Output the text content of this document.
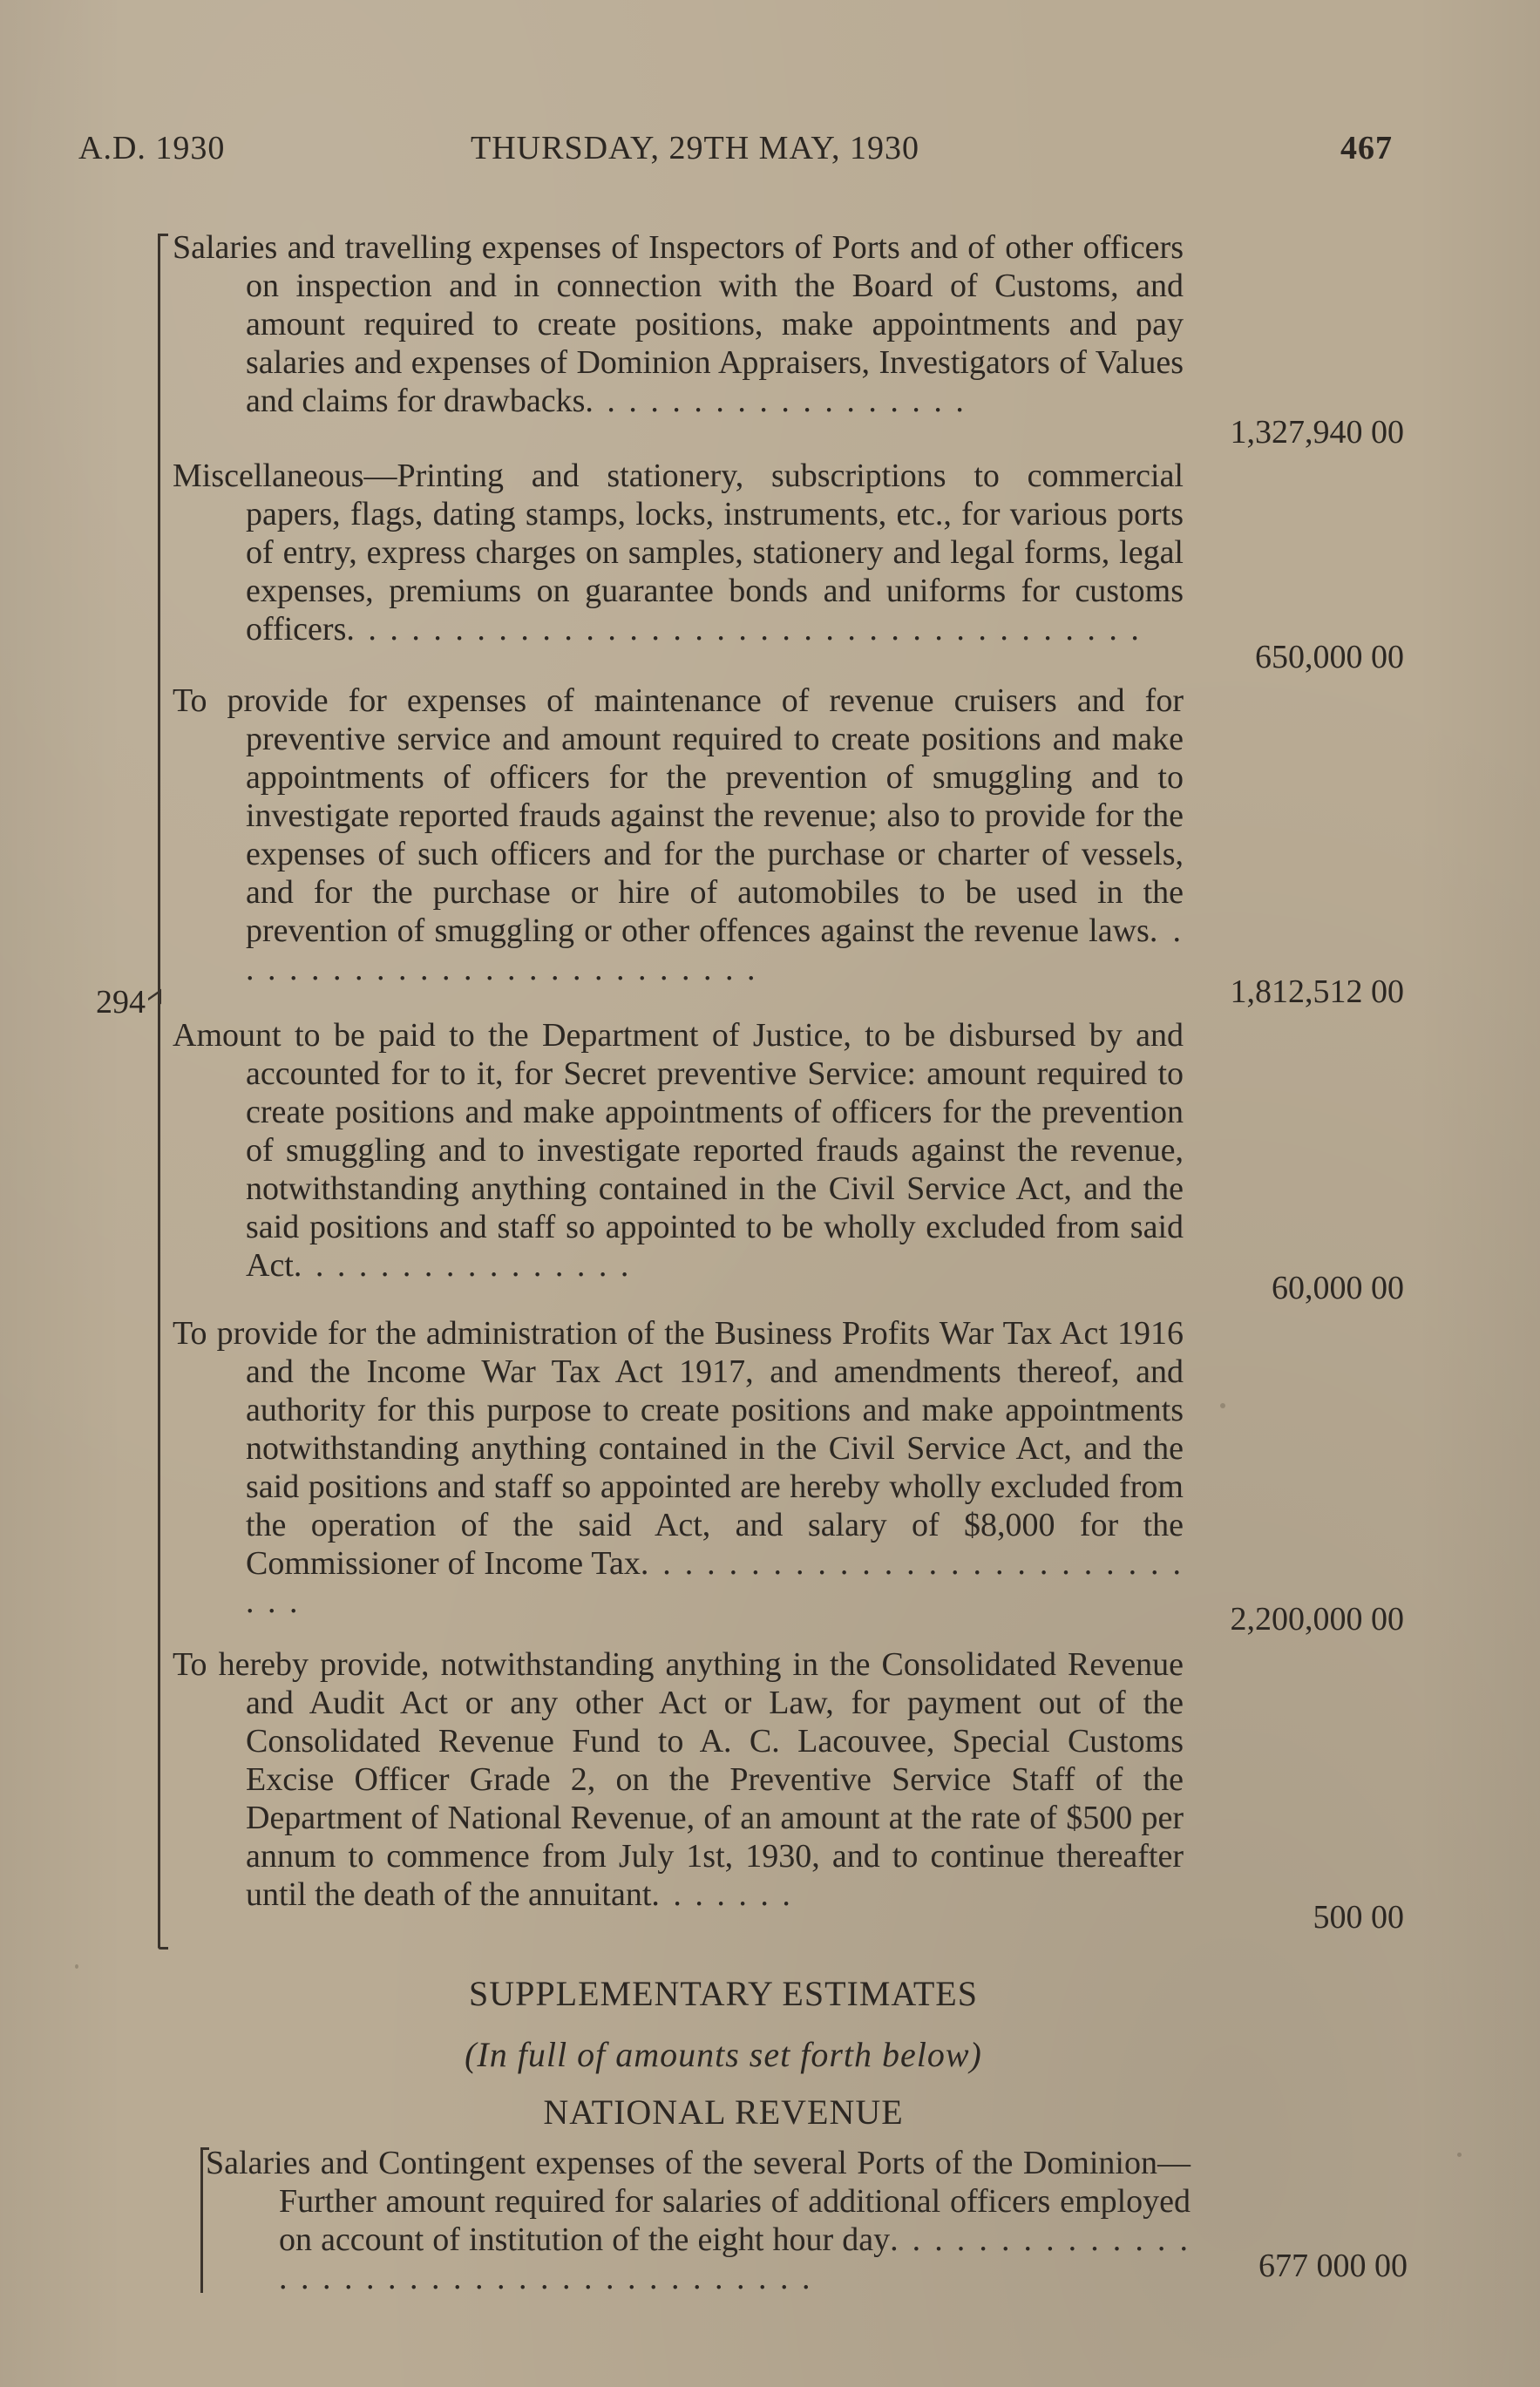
A.D. 1930	THURSDAY, 29TH MAY, 1930	467
294
Salaries and travelling expenses of Inspectors of Ports and of other officers on inspection and in connection with the Board of Customs, and amount required to create positions, make appointments and pay salaries and expenses of Dominion Appraisers, Investigators of Values and claims for drawbacks. . . . . . . . . . . . . . . . . .
1,327,940 00
Miscellaneous—Printing and stationery, subscriptions to commercial papers, flags, dating stamps, locks, instruments, etc., for various ports of entry, express charges on samples, stationery and legal forms, legal expenses, premiums on guarantee bonds and uniforms for customs officers. . . . . . . . . . . . . . . . . . . . . . . . . . . . . . . . . . . . .
650,000 00
To provide for expenses of maintenance of revenue cruisers and for preventive service and amount required to create positions and make appointments of officers for the prevention of smuggling and to investigate reported frauds against the revenue; also to provide for the expenses of such officers and for the purchase or charter of vessels, and for the purchase or hire of automobiles to be used in the prevention of smuggling or other offences against the revenue laws. . . . . . . . . . . . . . . . . . . . . . . . . .
1,812,512 00
Amount to be paid to the Department of Justice, to be disbursed by and accounted for to it, for Secret preventive Service: amount required to create positions and make appointments of officers for the prevention of smuggling and to investigate reported frauds against the revenue, notwithstanding anything contained in the Civil Service Act, and the said positions and staff so appointed to be wholly excluded from said Act. . . . . . . . . . . . . . . .
60,000 00
To provide for the administration of the Business Profits War Tax Act 1916 and the Income War Tax Act 1917, and amendments thereof, and authority for this purpose to create positions and make appointments notwithstanding anything contained in the Civil Service Act, and the said positions and staff so appointed are hereby wholly excluded from the operation of the said Act, and salary of $8,000 for the Commissioner of Income Tax. . . . . . . . . . . . . . . . . . . . . . . . . . . .	2,200,000 00
To hereby provide, notwithstanding anything in the Consolidated Revenue and Audit Act or any other Act or Law, for payment out of the Consolidated Revenue Fund to A. C. Lacouvee, Special Customs Excise Officer Grade 2, on the Preventive Service Staff of the Department of National Revenue, of an amount at the rate of $500 per annum to commence from July 1st, 1930, and to continue thereafter until the death of the annuitant. . . . . . .
500 00
SUPPLEMENTARY ESTIMATES
(In full of amounts set forth below)
NATIONAL REVENUE
Salaries and Contingent expenses of the several Ports of the Dominion—Further amount required for salaries of additional officers employed on account of institution of the eight hour day. . . . . . . . . . . . . . . . . . . . . . . . . . . . . . . . . . . . . . .	677 000 00
